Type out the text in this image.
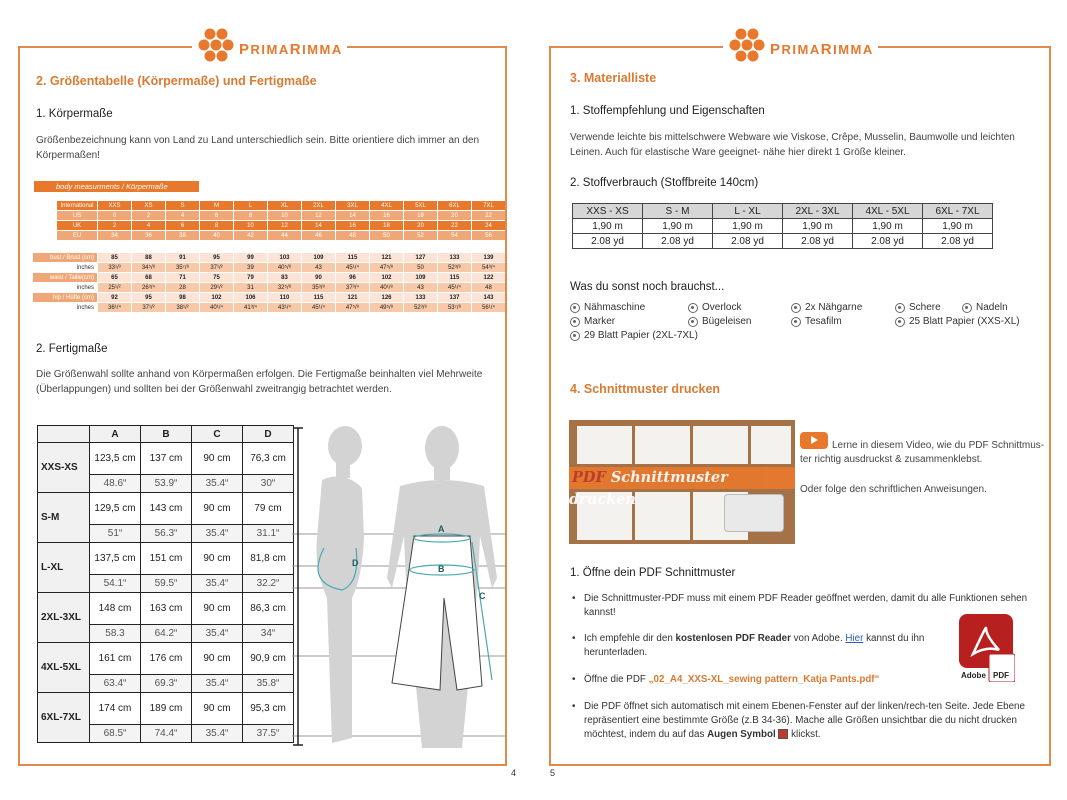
PRIMARIMMA
2. Größentabelle (Körpermaße) und Fertigmaße
1. Körpermaße
Größenbezeichnung kann von Land zu Land unterschiedlich sein. Bitte orientiere dich immer an den Körpermaßen!
body measurments / Körpermaße
International	XXS	XS	S	M	L	XL	2XL	3XL	4XL	5XL	6XL	7XL
US	0	2	4	6	8	10	12	14	16	18	20	22
UK	2	4	6	8	10	12	14	16	18	20	22	24
EU	34	36	38	40	42	44	46	48	50	52	54	56
bust / Brust (cm)	85	88	91	95	99	103	109	115	121	127	133	139
inches	33¹/³	34⁵/⁸	35⁷/⁸	37¹/²	39	40⁵/⁸	43	45¹/⁴	47⁵/⁸	50	52³/⁸	54³/⁴
waist / Taille(cm)	65	68	71	75	79	83	90	96	102	109	115	122
inches	25¹/²	26³/⁴	28	29¹/²	31	32⁵/⁸	35³/⁸	37³/⁴	40¹/⁸	43	45¹/⁴	48
hip / Hüfte (cm)	92	95	98	102	106	110	115	121	126	133	137	143
inches	36¹/⁴	37¹/²	38¹/²	40¹/⁴	41³/⁴	43¹/⁴	45¹/⁴	47⁵/⁸	49⁵/⁸	52³/⁸	53⁷/⁸	56¹/⁴
2. Fertigmaße
Die Größenwahl sollte anhand von Körpermaßen erfolgen. Die Fertigmaße beinhalten viel Mehrweite (Überlappungen) und sollten bei der Größenwahl zweitrangig betrachtet werden.
	A	B	C	D
XXS-XS	123,5 cm	137 cm	90 cm	76,3 cm
	48.6“	53.9“	35.4“	30“
S-M	129,5 cm	143 cm	90 cm	79 cm
	51“	56.3“	35.4“	31.1“
L-XL	137,5 cm	151 cm	90 cm	81,8 cm
	54.1“	59.5“	35.4“	32.2“
2XL-3XL	148 cm	163 cm	90 cm	86,3 cm
	58.3	64.2“	35.4“	34“
4XL-5XL	161 cm	176 cm	90 cm	90,9 cm
	63.4“	69.3“	35.4“	35.8“
6XL-7XL	174 cm	189 cm	90 cm	95,3 cm
	68.5“	74.4“	35.4“	37.5“
A
B
C
D
4
PRIMARIMMA
3. Materialliste
1. Stoffempfehlung und Eigenschaften
Verwende leichte bis mittelschwere Webware wie Viskose, Crêpe, Musselin, Baumwolle und leichten Leinen. Auch für elastische Ware geeignet- nähe hier direkt 1 Größe kleiner.
2. Stoffverbrauch (Stoffbreite 140cm)
Was du sonst noch brauchst...
Nähmaschine	Overlock	2x Nähgarne	Schere	Nadeln
Marker	Bügeleisen	Tesafilm	25 Blatt Papier (XXS-XL)
29 Blatt Papier (2XL-7XL)
4. Schnittmuster drucken
Lerne in diesem Video, wie du PDF Schnittmus-ter richtig ausdruckst & zusammenklebst.
Oder folge den schriftlichen Anweisungen.
1. Öffne dein PDF Schnittmuster
• Die Schnittmuster-PDF muss mit einem PDF Reader geöffnet werden, damit du alle Funktionen sehen kannst!
• Ich empfehle dir den kostenlosen PDF Reader von Adobe. Hier kannst du ihn herunterladen.
• Öffne die PDF „02_A4_XXS-XL_sewing pattern_Katja Pants.pdf“
• Die PDF öffnet sich automatisch mit einem Ebenen-Fenster auf der linken/rech-ten Seite. Jede Ebene repräsentiert eine bestimmte Größe (z.B 34-36). Mache alle Größen unsichtbar die du nicht drucken möchtest, indem du auf das Augen Symbol  klickst.
5
XXS - XS	S - M	L - XL	2XL - 3XL	4XL - 5XL	6XL - 7XL
1,90 m	1,90 m	1,90 m	1,90 m	1,90 m	1,90 m
2.08 yd	2.08 yd	2.08 yd	2.08 yd	2.08 yd	2.08 yd
PDF Schnittmuster drucken
Adobe PDF
